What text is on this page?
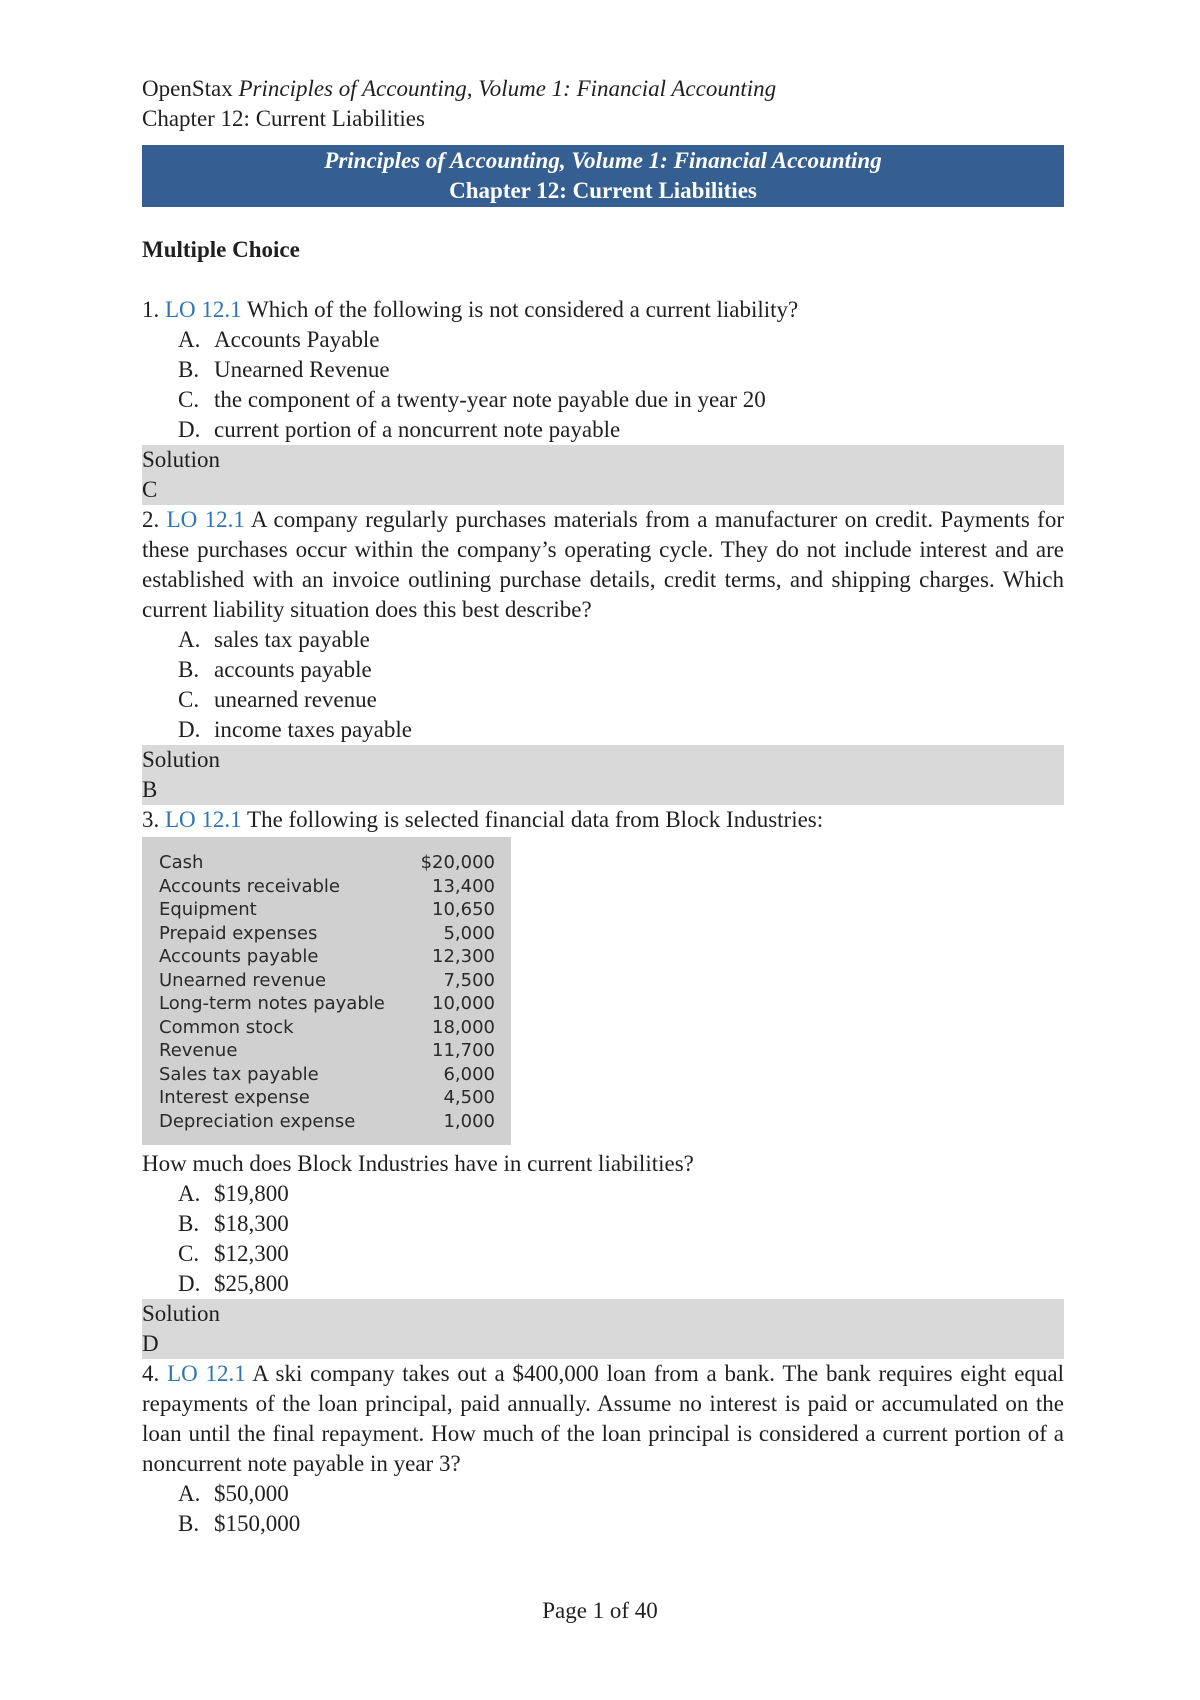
OpenStax Principles of Accounting, Volume 1: Financial Accounting
Chapter 12: Current Liabilities
Principles of Accounting, Volume 1: Financial Accounting
Chapter 12: Current Liabilities
Multiple Choice
1. LO 12.1 Which of the following is not considered a current liability?
A. Accounts Payable
B. Unearned Revenue
C. the component of a twenty-year note payable due in year 20
D. current portion of a noncurrent note payable
Solution
C
2. LO 12.1 A company regularly purchases materials from a manufacturer on credit. Payments for these purchases occur within the company’s operating cycle. They do not include interest and are established with an invoice outlining purchase details, credit terms, and shipping charges. Which current liability situation does this best describe?
A. sales tax payable
B. accounts payable
C. unearned revenue
D. income taxes payable
Solution
B
3. LO 12.1 The following is selected financial data from Block Industries:
Cash	$20,000
Accounts receivable	13,400
Equipment	10,650
Prepaid expenses	5,000
Accounts payable	12,300
Unearned revenue	7,500
Long-term notes payable	10,000
Common stock	18,000
Revenue	11,700
Sales tax payable	6,000
Interest expense	4,500
Depreciation expense	1,000
How much does Block Industries have in current liabilities?
A. $19,800
B. $18,300
C. $12,300
D. $25,800
Solution
D
4. LO 12.1 A ski company takes out a $400,000 loan from a bank. The bank requires eight equal repayments of the loan principal, paid annually. Assume no interest is paid or accumulated on the loan until the final repayment. How much of the loan principal is considered a current portion of a noncurrent note payable in year 3?
A. $50,000
B. $150,000
Page 1 of 40
